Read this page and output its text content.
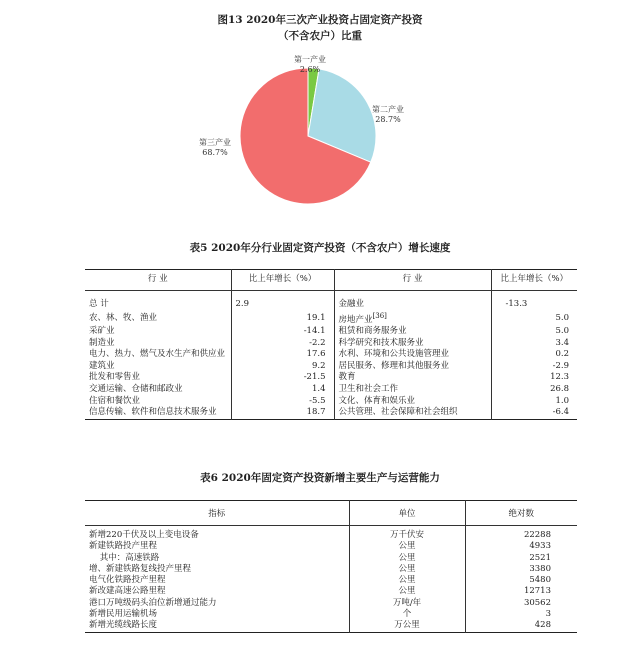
图13 2020年三次产业投资占固定资产投资
（不含农户）比重
第一产业
2.6%
第二产业
28.7%
第三产业
68.7%
表5 2020年分行业固定资产投资（不含农户）增长速度
行 业	比上年增长（%）	行 业	比上年增长（%）
总 计	2.9	金融业	-13.3
农、林、牧、渔业	19.1	房地产业[36]	5.0
采矿业	-14.1	租赁和商务服务业	5.0
制造业	-2.2	科学研究和技术服务业	3.4
电力、热力、燃气及水生产和供应业	17.6	水利、环境和公共设施管理业	0.2
建筑业	9.2	居民服务、修理和其他服务业	-2.9
批发和零售业	-21.5	教育	12.3
交通运输、仓储和邮政业	1.4	卫生和社会工作	26.8
住宿和餐饮业	-5.5	文化、体育和娱乐业	1.0
信息传输、软件和信息技术服务业	18.7	公共管理、社会保障和社会组织	-6.4
表6 2020年固定资产投资新增主要生产与运营能力
指标	单位	绝对数
新增220千伏及以上变电设备	万千伏安	22288
新建铁路投产里程	公里	4933
其中：高速铁路	公里	2521
增、新建铁路复线投产里程	公里	3380
电气化铁路投产里程	公里	5480
新改建高速公路里程	公里	12713
港口万吨级码头泊位新增通过能力	万吨/年	30562
新增民用运输机场	个	3
新增光缆线路长度	万公里	428
